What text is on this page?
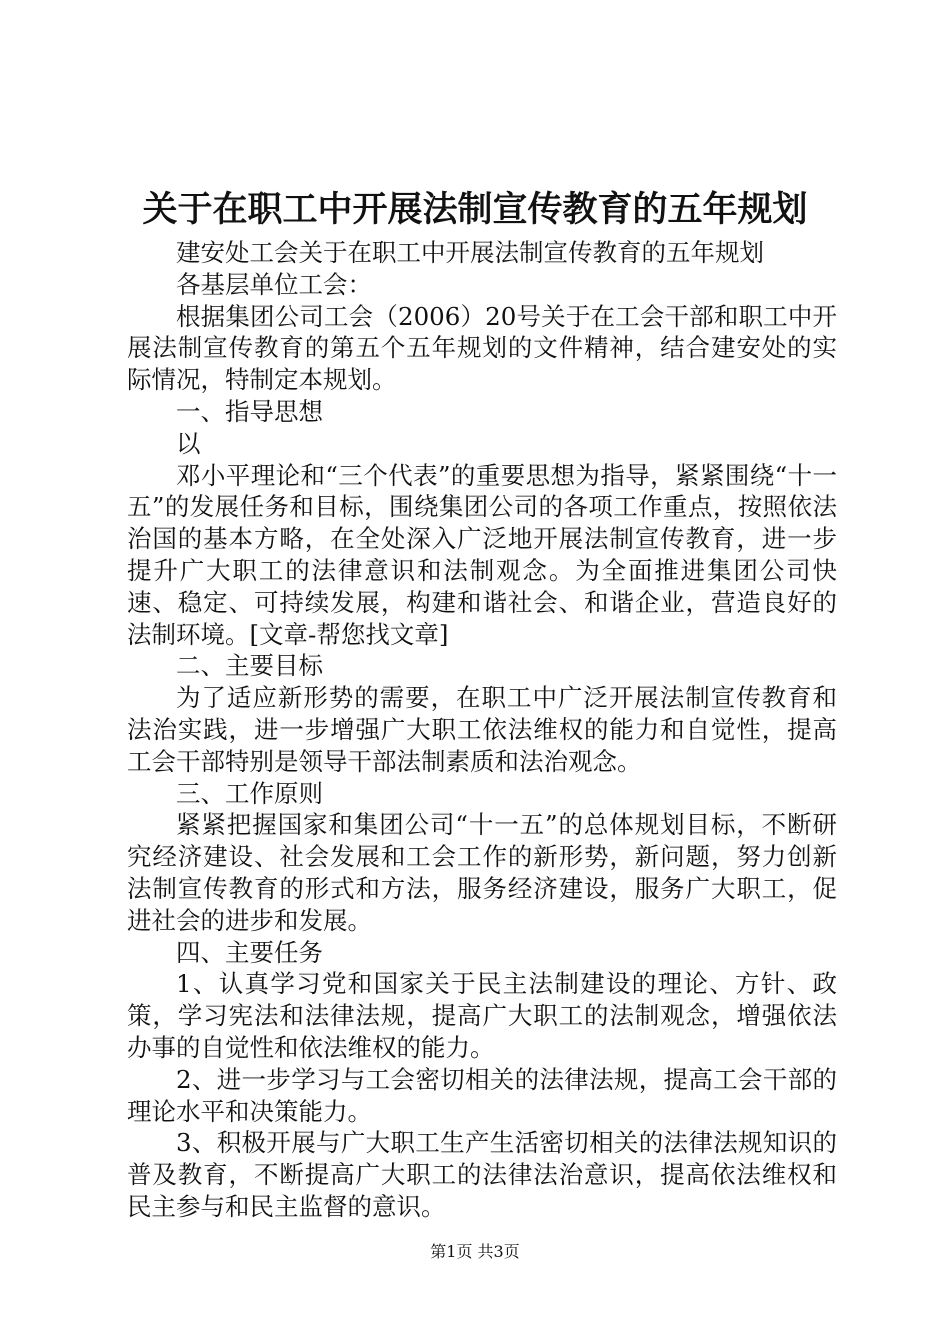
关于在职工中开展法制宣传教育的五年规划

建安处工会关于在职工中开展法制宣传教育的五年规划

各基层单位工会：

根据集团公司工会（2006）20号关于在工会干部和职工中开展法制宣传教育的第五个五年规划的文件精神，结合建安处的实际情况，特制定本规划。

一、指导思想

以

邓小平理论和“三个代表”的重要思想为指导，紧紧围绕“十一五”的发展任务和目标，围绕集团公司的各项工作重点，按照依法治国的基本方略，在全处深入广泛地开展法制宣传教育，进一步提升广大职工的法律意识和法制观念。为全面推进集团公司快速、稳定、可持续发展，构建和谐社会、和谐企业，营造良好的法制环境。[文章-帮您找文章]

二、主要目标

为了适应新形势的需要，在职工中广泛开展法制宣传教育和法治实践，进一步增强广大职工依法维权的能力和自觉性，提高工会干部特别是领导干部法制素质和法治观念。

三、工作原则

紧紧把握国家和集团公司“十一五”的总体规划目标，不断研究经济建设、社会发展和工会工作的新形势，新问题，努力创新法制宣传教育的形式和方法，服务经济建设，服务广大职工，促进社会的进步和发展。

四、主要任务

1、认真学习党和国家关于民主法制建设的理论、方针、政策，学习宪法和法律法规，提高广大职工的法制观念，增强依法办事的自觉性和依法维权的能力。

2、进一步学习与工会密切相关的法律法规，提高工会干部的理论水平和决策能力。

3、积极开展与广大职工生产生活密切相关的法律法规知识的普及教育，不断提高广大职工的法律法治意识，提高依法维权和民主参与和民主监督的意识。

第1页 共3页
